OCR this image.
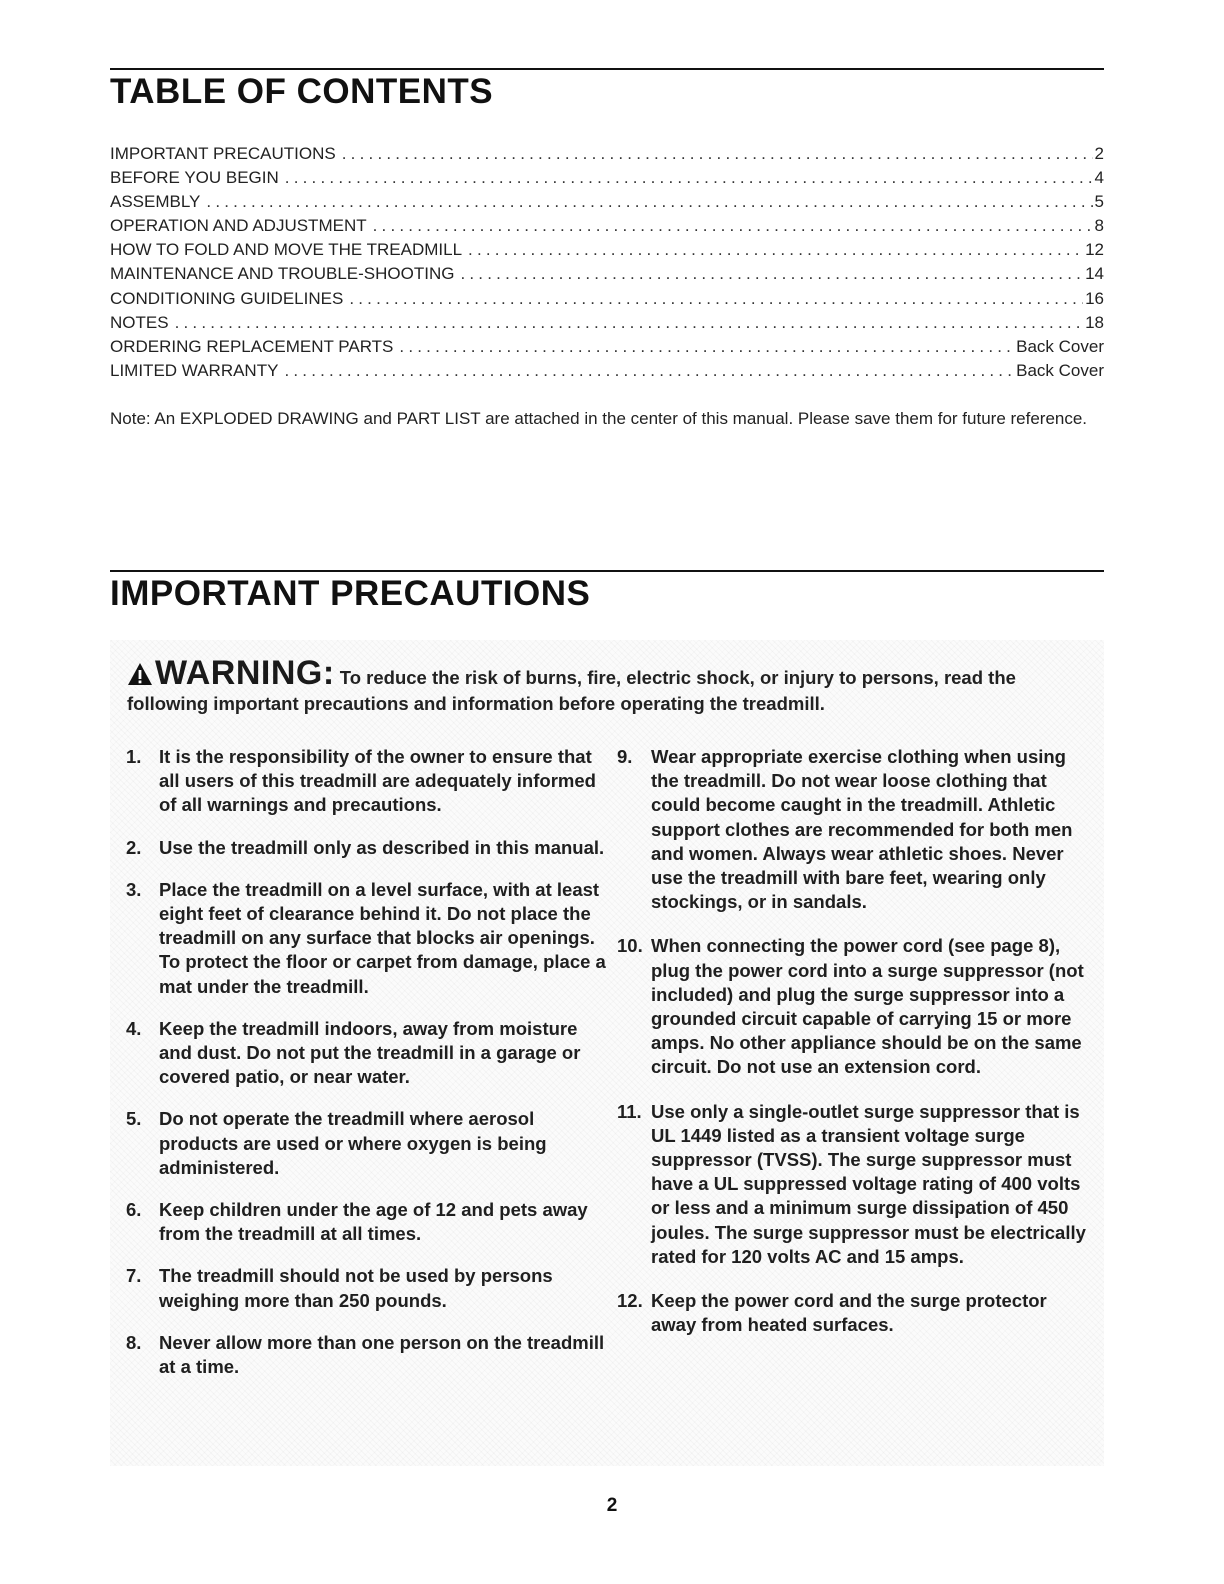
TABLE OF CONTENTS
IMPORTANT PRECAUTIONS .....	2
BEFORE YOU BEGIN .....	4
ASSEMBLY .....	5
OPERATION AND ADJUSTMENT .....	8
HOW TO FOLD AND MOVE THE TREADMILL .....	12
MAINTENANCE AND TROUBLE-SHOOTING .....	14
CONDITIONING GUIDELINES .....	16
NOTES .....	18
ORDERING REPLACEMENT PARTS .....	Back Cover
LIMITED WARRANTY .....	Back Cover

Note: An EXPLODED DRAWING and PART LIST are attached in the center of this manual. Please save them for future reference.

IMPORTANT PRECAUTIONS

WARNING: To reduce the risk of burns, fire, electric shock, or injury to persons, read the following important precautions and information before operating the treadmill.

1. It is the responsibility of the owner to ensure that all users of this treadmill are adequately informed of all warnings and precautions.
2. Use the treadmill only as described in this manual.
3. Place the treadmill on a level surface, with at least eight feet of clearance behind it. Do not place the treadmill on any surface that blocks air openings. To protect the floor or carpet from damage, place a mat under the treadmill.
4. Keep the treadmill indoors, away from moisture and dust. Do not put the treadmill in a garage or covered patio, or near water.
5. Do not operate the treadmill where aerosol products are used or where oxygen is being administered.
6. Keep children under the age of 12 and pets away from the treadmill at all times.
7. The treadmill should not be used by persons weighing more than 250 pounds.
8. Never allow more than one person on the treadmill at a time.
9.	Wear appropriate exercise clothing when using the treadmill. Do not wear loose clothing that could become caught in the treadmill. Athletic support clothes are recommended for both men and women. Always wear athletic shoes. Never use the treadmill with bare feet, wearing only stockings, or in sandals.
10. When connecting the power cord (see page 8), plug the power cord into a surge suppressor (not included) and plug the surge suppressor into a grounded circuit capable of carrying 15 or more amps. No other appliance should be on the same circuit. Do not use an extension cord.
11. Use only a single-outlet surge suppressor that is UL 1449 listed as a transient voltage surge suppressor (TVSS). The surge suppressor must have a UL suppressed voltage rating of 400 volts or less and a minimum surge dissipation of 450 joules. The surge suppressor must be electrically rated for 120 volts AC and 15 amps.
12. Keep the power cord and the surge protector away from heated surfaces.

2
